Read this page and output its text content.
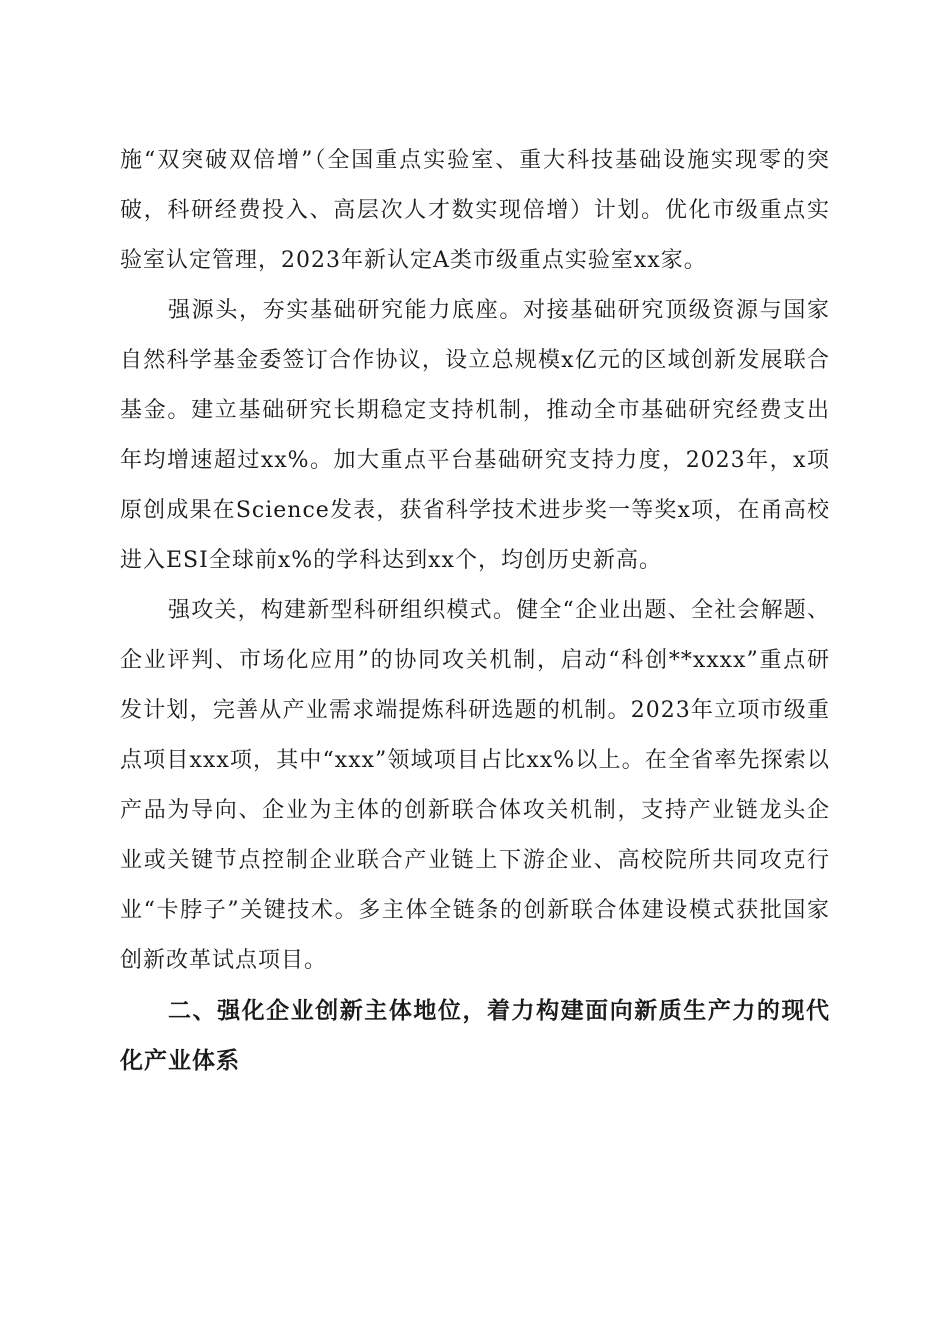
施“双突破双倍增”（全国重点实验室、重大科技基础设施实现零的突破，科研经费投入、高层次人才数实现倍增）计划。优化市级重点实验室认定管理，2023年新认定A类市级重点实验室xx家。

强源头，夯实基础研究能力底座。对接基础研究顶级资源与国家自然科学基金委签订合作协议，设立总规模x亿元的区域创新发展联合基金。建立基础研究长期稳定支持机制，推动全市基础研究经费支出年均增速超过xx%。加大重点平台基础研究支持力度，2023年，x项原创成果在Science发表，获省科学技术进步奖一等奖x项，在甬高校进入ESI全球前x%的学科达到xx个，均创历史新高。

强攻关，构建新型科研组织模式。健全“企业出题、全社会解题、企业评判、市场化应用”的协同攻关机制，启动“科创**xxxx”重点研发计划，完善从产业需求端提炼科研选题的机制。2023年立项市级重点项目xxx项，其中“xxx”领域项目占比xx%以上。在全省率先探索以产品为导向、企业为主体的创新联合体攻关机制，支持产业链龙头企业或关键节点控制企业联合产业链上下游企业、高校院所共同攻克行业“卡脖子”关键技术。多主体全链条的创新联合体建设模式获批国家创新改革试点项目。

二、强化企业创新主体地位，着力构建面向新质生产力的现代化产业体系
